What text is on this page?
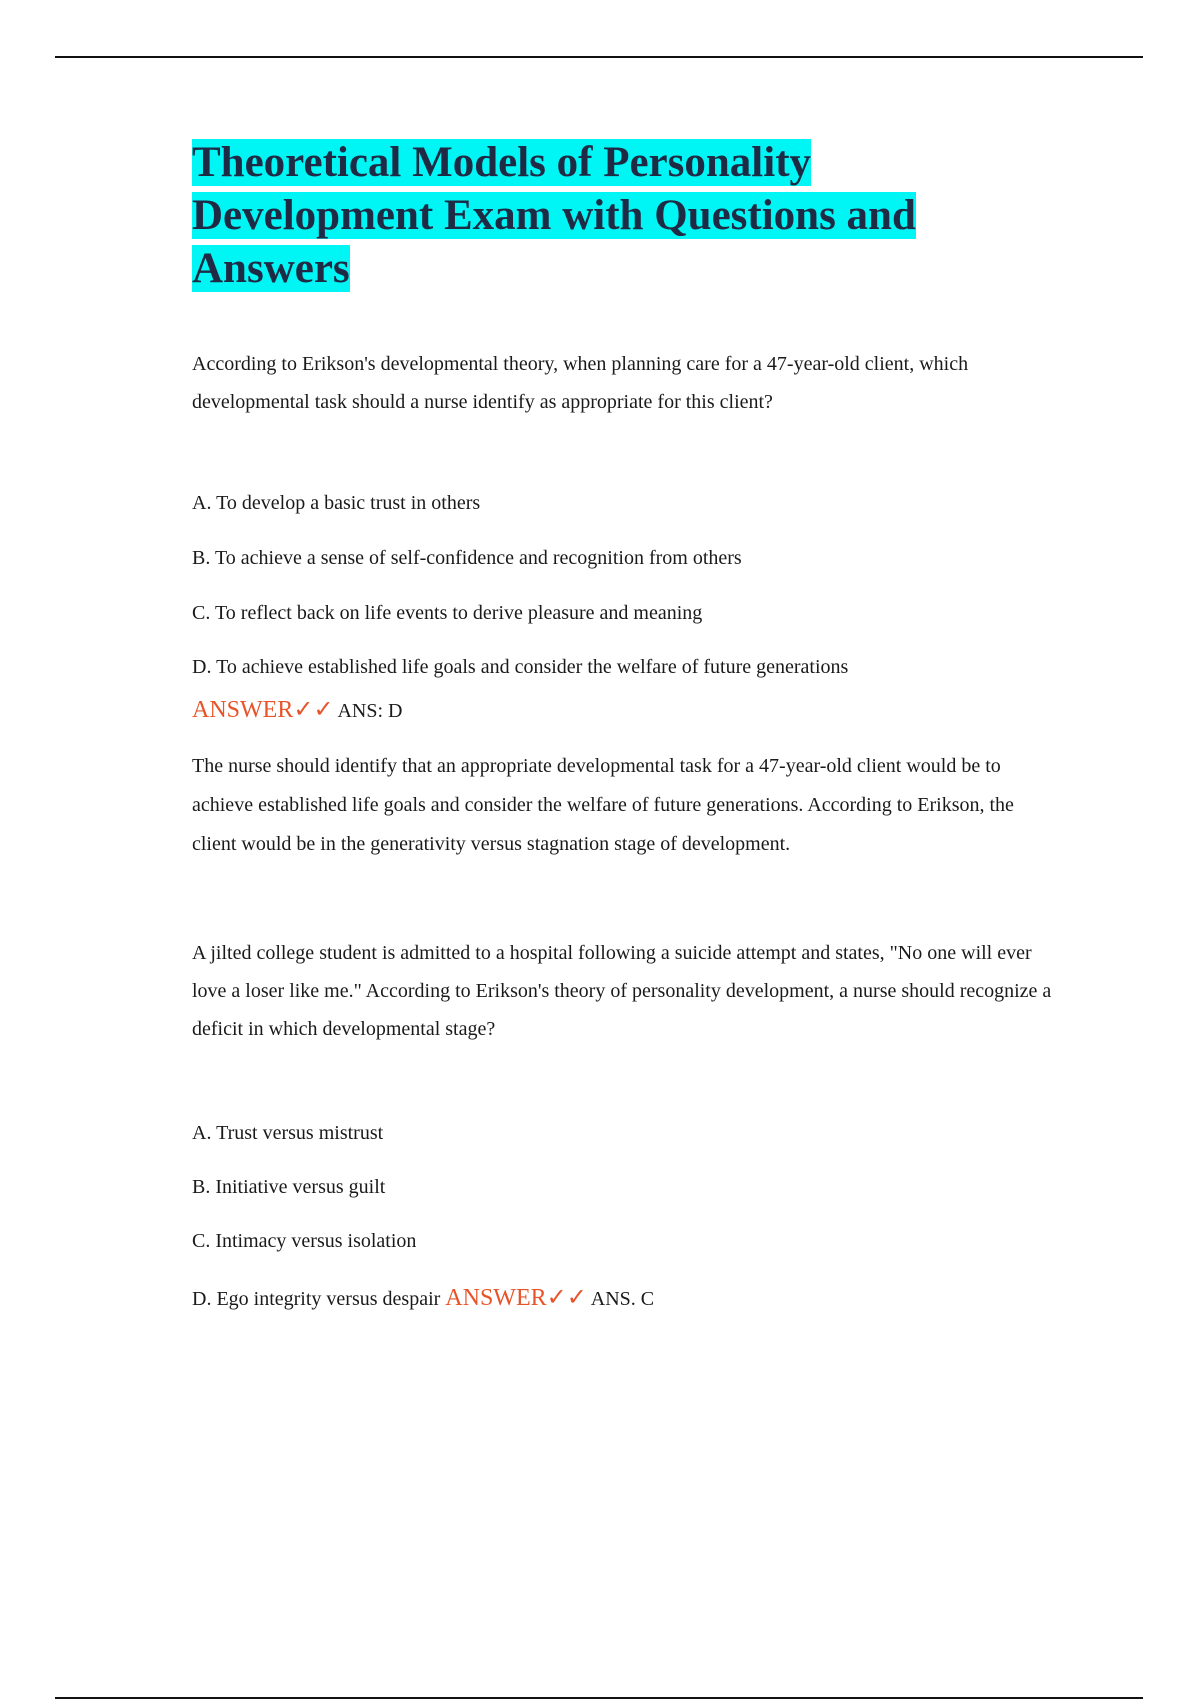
Theoretical Models of Personality Development Exam with Questions and Answers

According to Erikson's developmental theory, when planning care for a 47-year-old client, which developmental task should a nurse identify as appropriate for this client?

A. To develop a basic trust in others

B. To achieve a sense of self-confidence and recognition from others

C. To reflect back on life events to derive pleasure and meaning

D. To achieve established life goals and consider the welfare of future generations

ANSWER✓✓ ANS: D

The nurse should identify that an appropriate developmental task for a 47-year-old client would be to achieve established life goals and consider the welfare of future generations. According to Erikson, the client would be in the generativity versus stagnation stage of development.

A jilted college student is admitted to a hospital following a suicide attempt and states, "No one will ever love a loser like me." According to Erikson's theory of personality development, a nurse should recognize a deficit in which developmental stage?

A. Trust versus mistrust

B. Initiative versus guilt

C. Intimacy versus isolation

D. Ego integrity versus despair ANSWER✓✓ ANS. C
